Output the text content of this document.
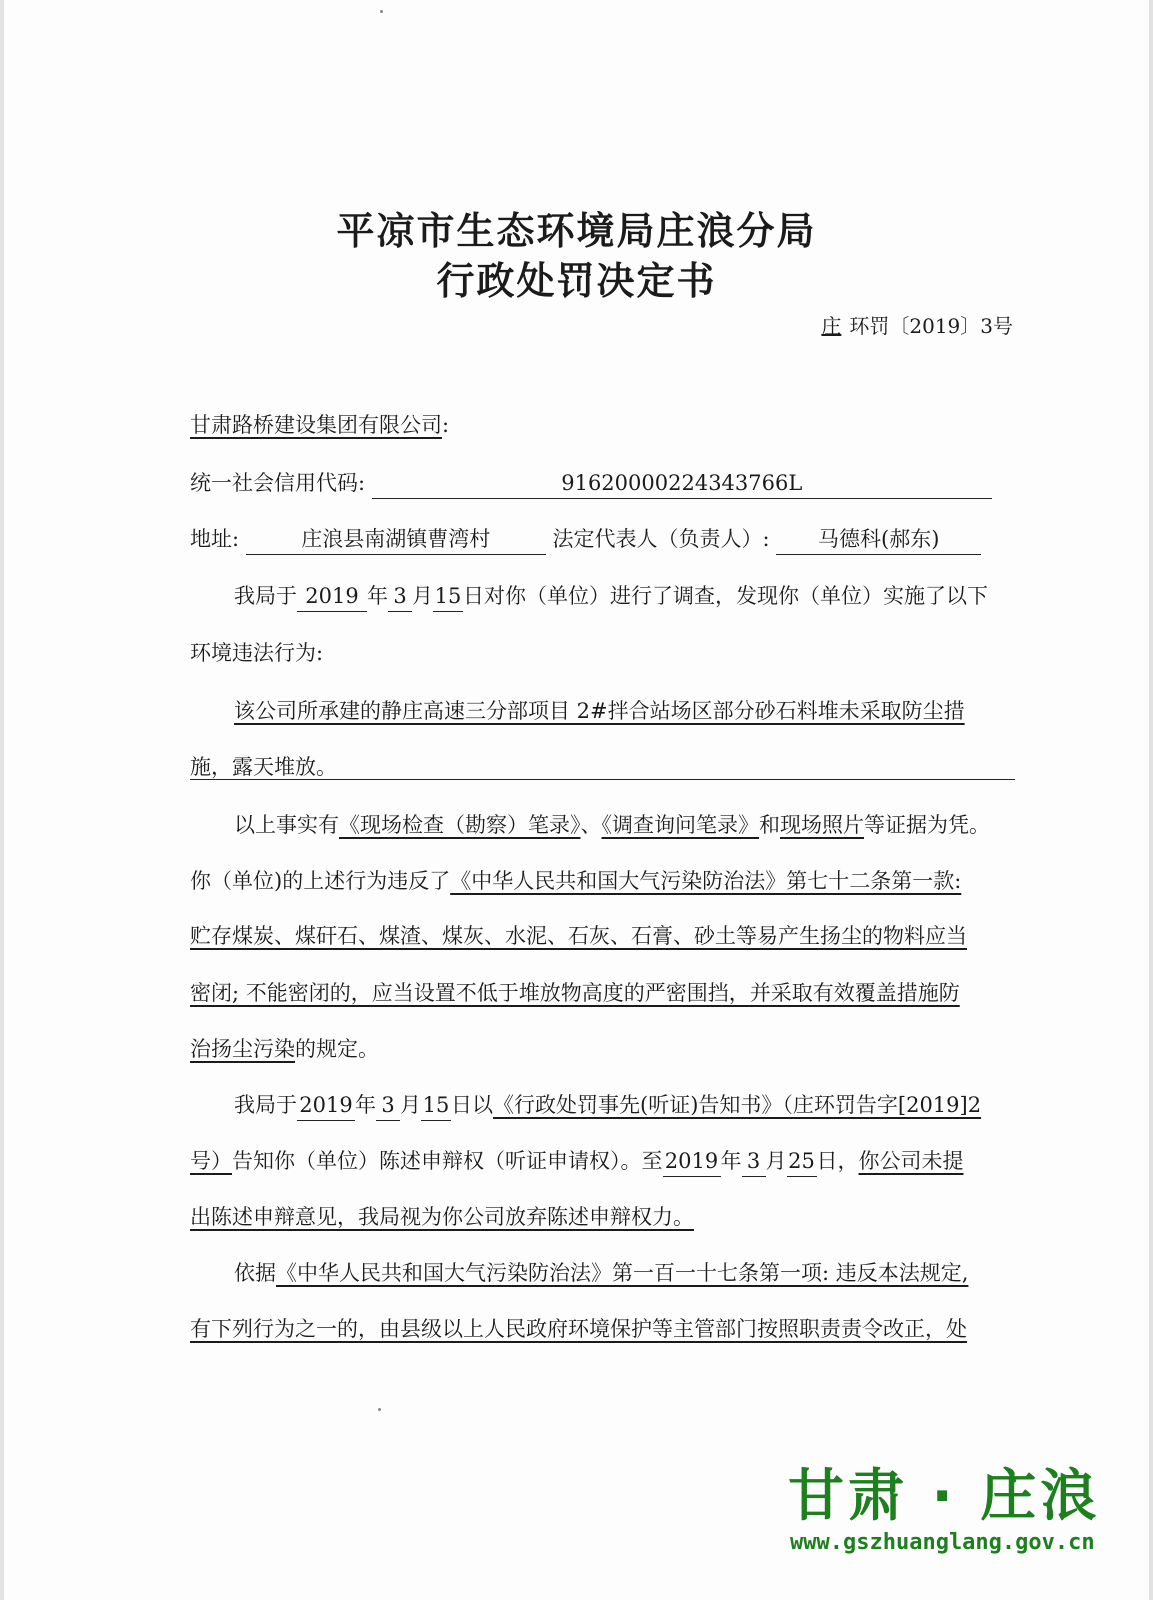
平凉市生态环境局庄浪分局
行政处罚决定书
庄 环罚〔2019〕3号
甘肃路桥建设集团有限公司:
统一社会信用代码:	91620000224343766L
地址:	庄浪县南湖镇曹湾村	法定代表人（负责人）: 马德科(郝东)
我局于 2019 年 3 月15日对你（单位）进行了调查，发现你（单位）实施了以下
环境违法行为:
该公司所承建的静庄高速三分部项目 2#拌合站场区部分砂石料堆未采取防尘措
施，露天堆放。
以上事实有《现场检查（勘察）笔录》、《调查询问笔录》和现场照片等证据为凭。
你（单位)的上述行为违反了《中华人民共和国大气污染防治法》第七十二条第一款:
贮存煤炭、煤矸石、煤渣、煤灰、水泥、石灰、石膏、砂土等易产生扬尘的物料应当
密闭; 不能密闭的，应当设置不低于堆放物高度的严密围挡，并采取有效覆盖措施防
治扬尘污染的规定。
我局于 2019 年 3 月15日以《行政处罚事先(听证)告知书》（庄环罚告字[2019]2
号）告知你（单位）陈述申辩权（听证申请权）。至 2019 年 3 月25日，你公司未提
出陈述申辩意见，我局视为你公司放弃陈述申辩权力。
依据《中华人民共和国大气污染防治法》第一百一十七条第一项: 违反本法规定,
有下列行为之一的，由县级以上人民政府环境保护等主管部门按照职责责令改正，处
甘肃 · 庄浪
www.gszhuanglang.gov.cn
